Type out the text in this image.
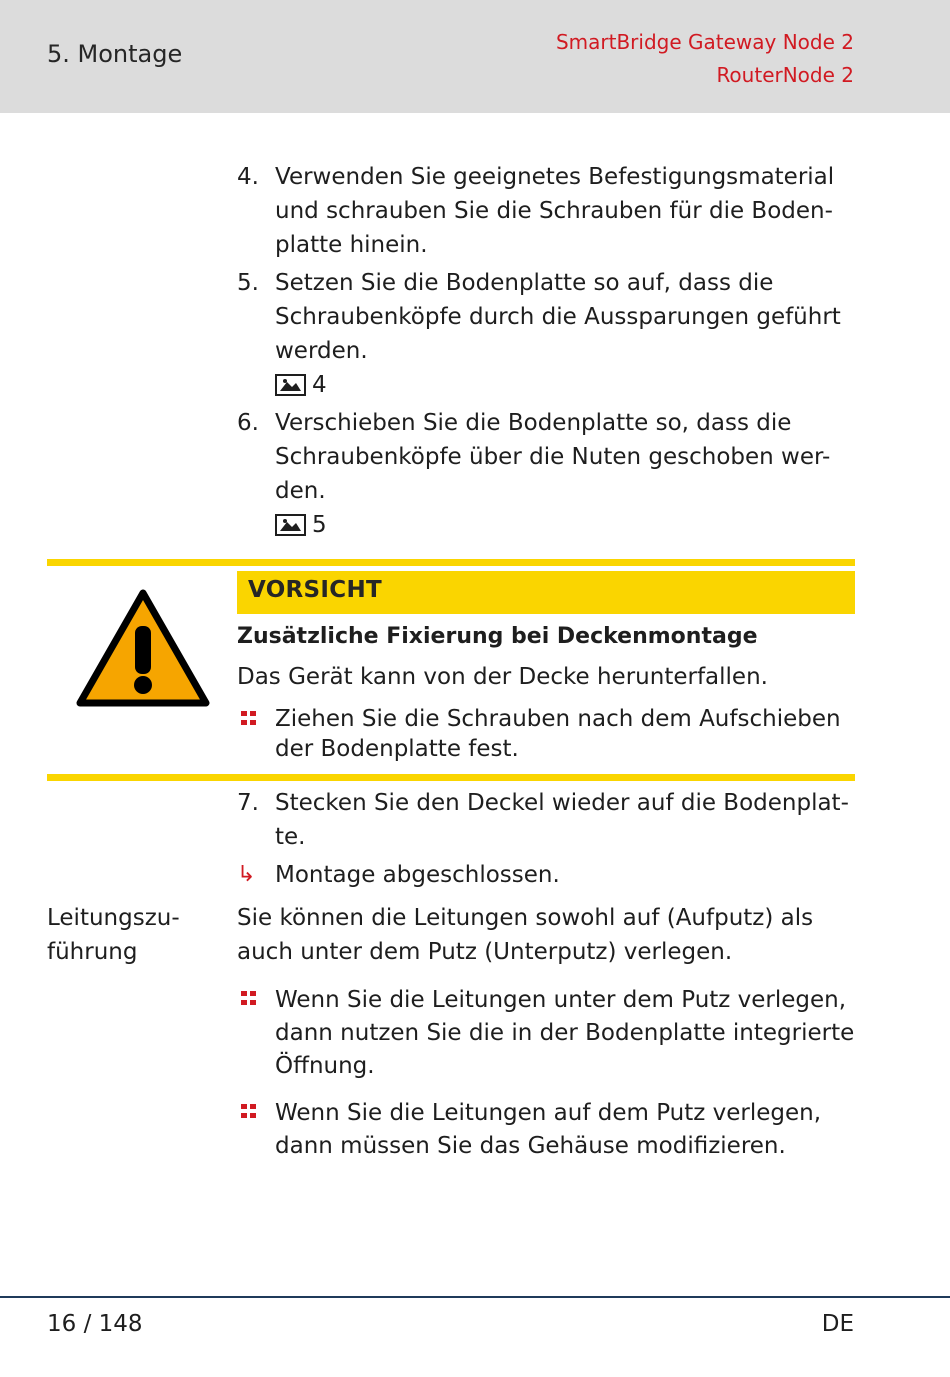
5. Montage	SmartBridge Gateway Node 2
RouterNode 2
4. Verwenden Sie geeignetes Befestigungsmaterial
und schrauben Sie die Schrauben für die Boden-
platte hinein.
5. Setzen Sie die Bodenplatte so auf, dass die
Schraubenköpfe durch die Aussparungen geführt
werden.
4
6. Verschieben Sie die Bodenplatte so, dass die
Schraubenköpfe über die Nuten geschoben wer-
den.
5
VORSICHT
Zusätzliche Fixierung bei Deckenmontage
Das Gerät kann von der Decke herunterfallen.
Ziehen Sie die Schrauben nach dem Aufschieben der Bodenplatte fest.
7. Stecken Sie den Deckel wieder auf die Bodenplat-
te.
↳ Montage abgeschlossen.
Leitungszu-
führung
Sie können die Leitungen sowohl auf (Aufputz) als
auch unter dem Putz (Unterputz) verlegen.
Wenn Sie die Leitungen unter dem Putz verlegen, dann nutzen Sie die in der Bodenplatte integrierte Öffnung.
Wenn Sie die Leitungen auf dem Putz verlegen, dann müssen Sie das Gehäuse modifizieren.
16 / 148	DE
